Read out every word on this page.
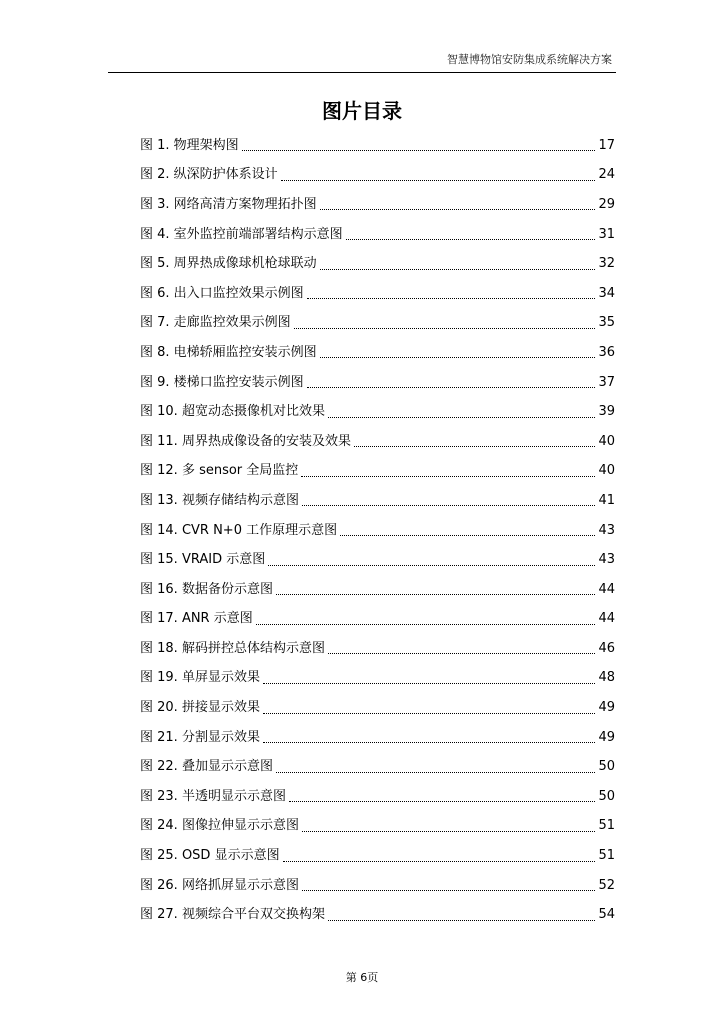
智慧博物馆安防集成系统解决方案
图片目录
图 1. 物理架构图	17
图 2. 纵深防护体系设计	24
图 3. 网络高清方案物理拓扑图	29
图 4. 室外监控前端部署结构示意图	31
图 5. 周界热成像球机枪球联动	32
图 6. 出入口监控效果示例图	34
图 7. 走廊监控效果示例图	35
图 8. 电梯轿厢监控安装示例图	36
图 9. 楼梯口监控安装示例图	37
图 10. 超宽动态摄像机对比效果	39
图 11. 周界热成像设备的安装及效果	40
图 12. 多 sensor 全局监控	40
图 13. 视频存储结构示意图	41
图 14. CVR N+0 工作原理示意图	43
图 15. VRAID 示意图	43
图 16. 数据备份示意图	44
图 17. ANR 示意图	44
图 18. 解码拼控总体结构示意图	46
图 19. 单屏显示效果	48
图 20. 拼接显示效果	49
图 21. 分割显示效果	49
图 22. 叠加显示示意图	50
图 23. 半透明显示示意图	50
图 24. 图像拉伸显示示意图	51
图 25. OSD 显示示意图	51
图 26. 网络抓屏显示示意图	52
图 27. 视频综合平台双交换构架	54
第 6页
